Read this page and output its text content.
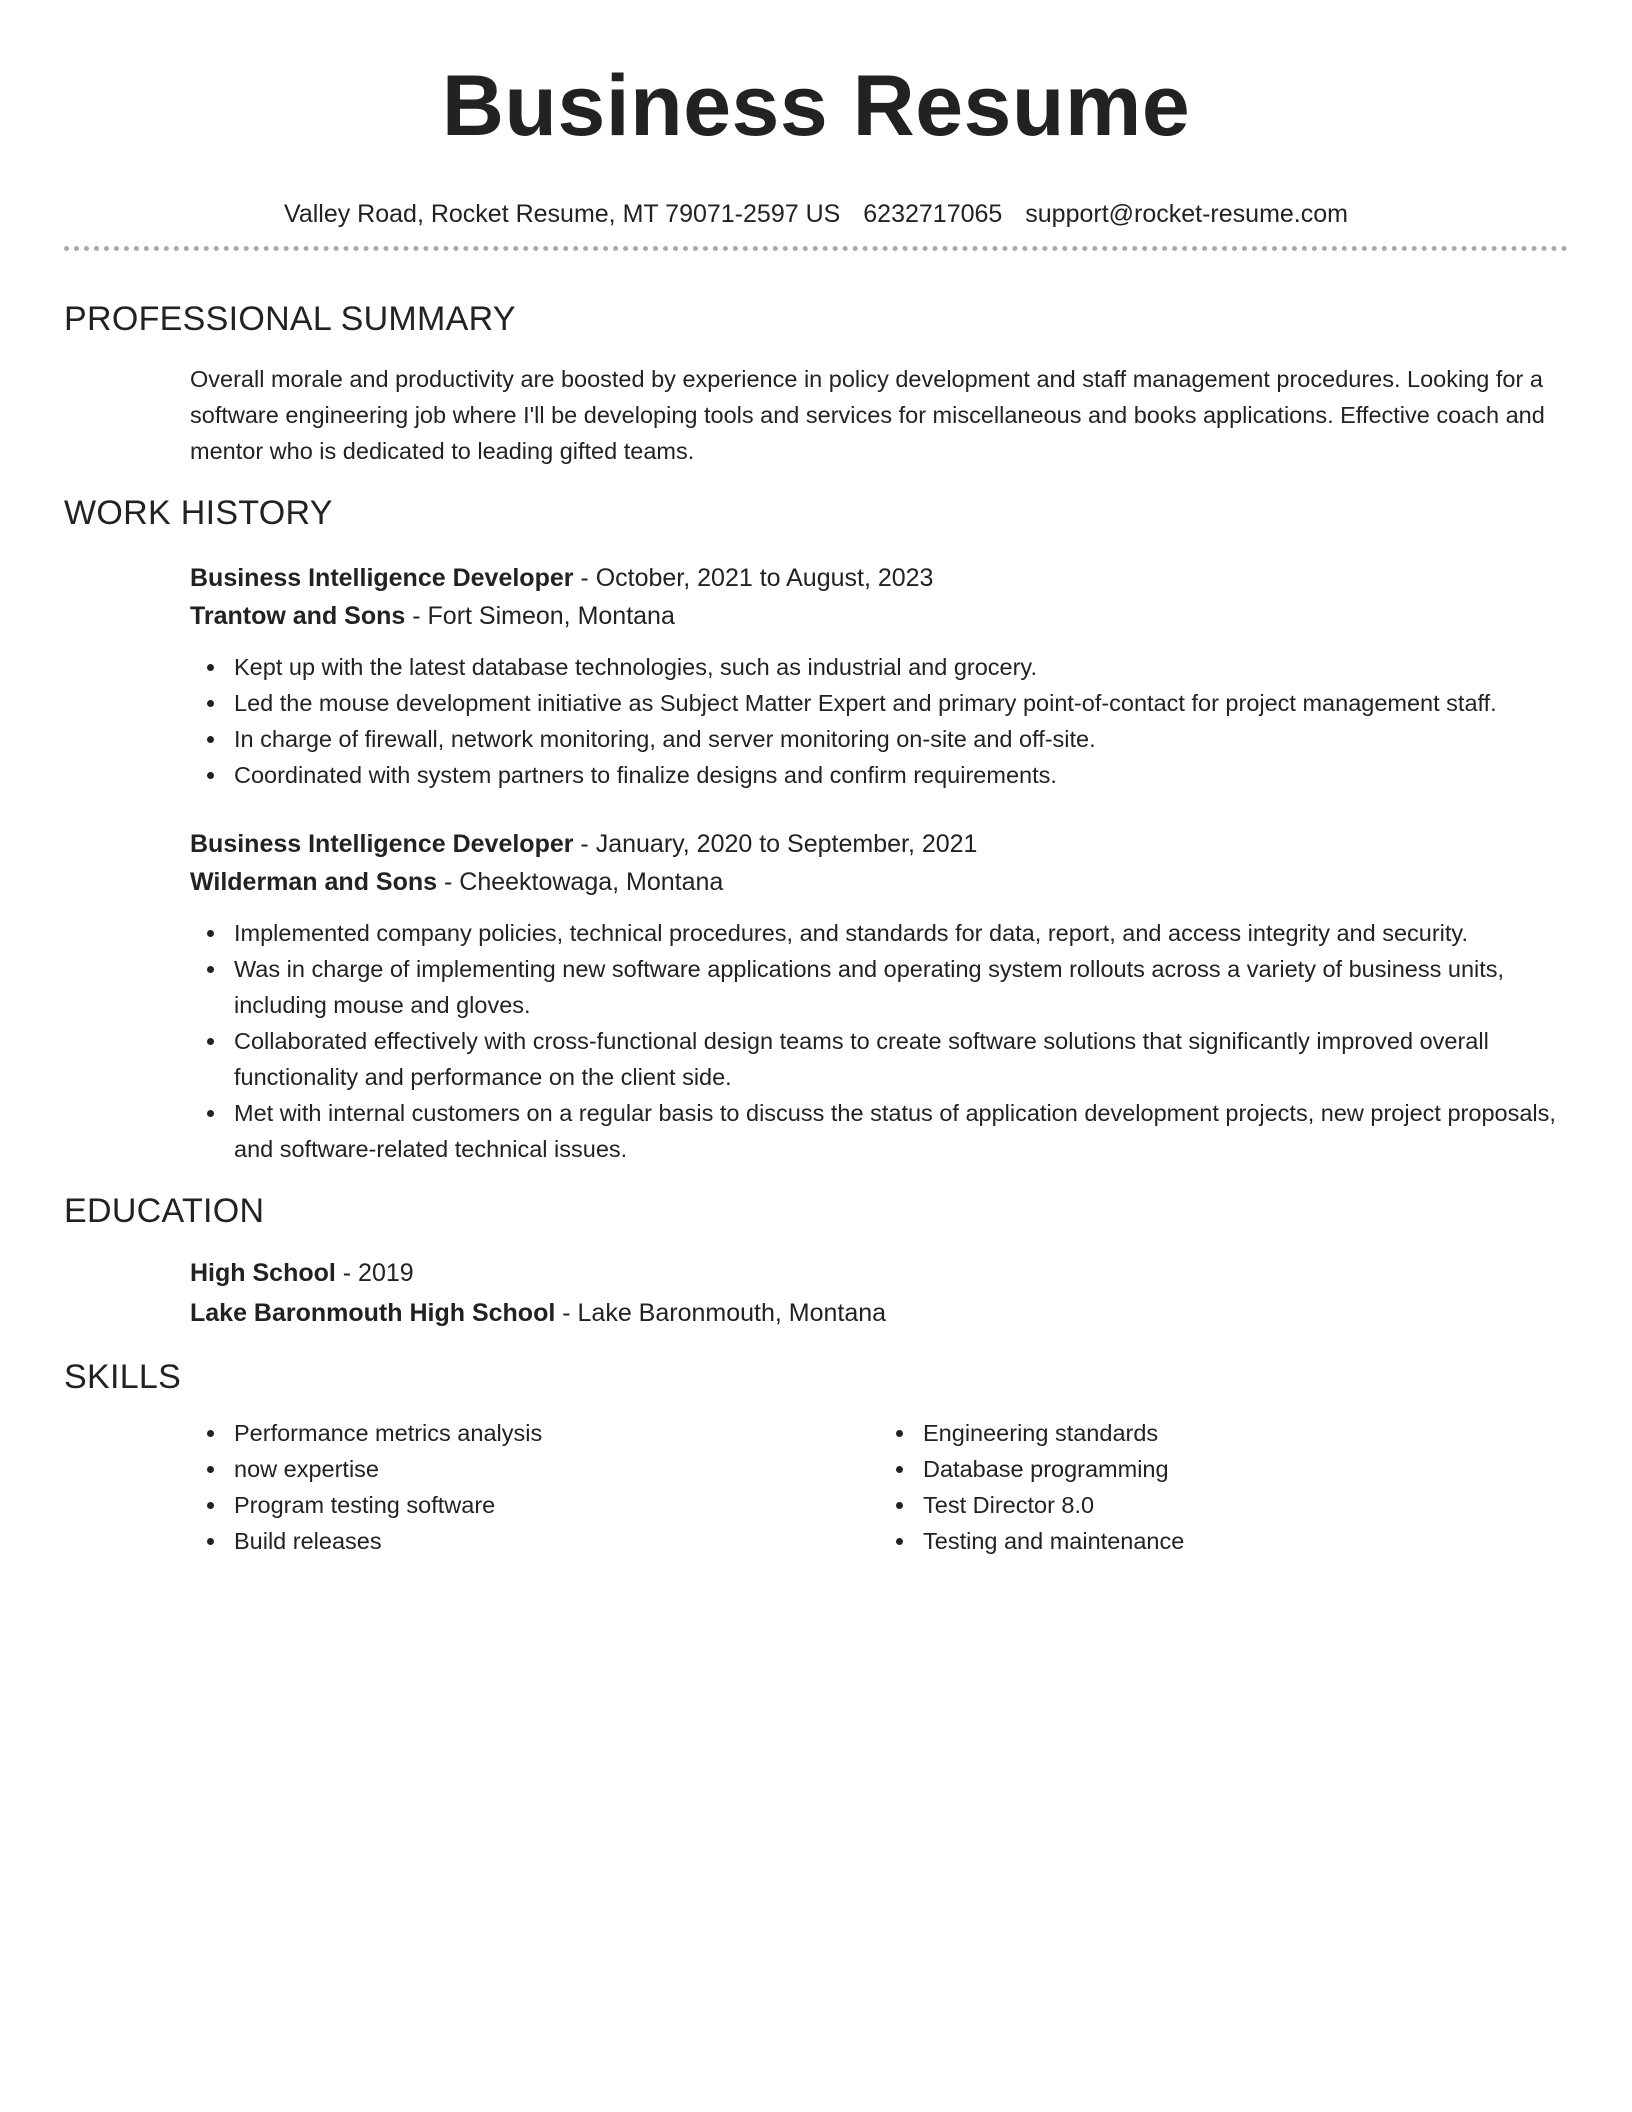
Business Resume
Valley Road, Rocket Resume, MT 79071-2597 US 6232717065 support@rocket-resume.com
PROFESSIONAL SUMMARY
Overall morale and productivity are boosted by experience in policy development and staff management procedures. Looking for a software engineering job where I'll be developing tools and services for miscellaneous and books applications. Effective coach and mentor who is dedicated to leading gifted teams.
WORK HISTORY
Business Intelligence Developer - October, 2021 to August, 2023
Trantow and Sons - Fort Simeon, Montana
Kept up with the latest database technologies, such as industrial and grocery.
Led the mouse development initiative as Subject Matter Expert and primary point-of-contact for project management staff.
In charge of firewall, network monitoring, and server monitoring on-site and off-site.
Coordinated with system partners to finalize designs and confirm requirements.
Business Intelligence Developer - January, 2020 to September, 2021
Wilderman and Sons - Cheektowaga, Montana
Implemented company policies, technical procedures, and standards for data, report, and access integrity and security.
Was in charge of implementing new software applications and operating system rollouts across a variety of business units, including mouse and gloves.
Collaborated effectively with cross-functional design teams to create software solutions that significantly improved overall functionality and performance on the client side.
Met with internal customers on a regular basis to discuss the status of application development projects, new project proposals, and software-related technical issues.
EDUCATION
High School - 2019
Lake Baronmouth High School - Lake Baronmouth, Montana
SKILLS
Performance metrics analysis
now expertise
Program testing software
Build releases
Engineering standards
Database programming
Test Director 8.0
Testing and maintenance
